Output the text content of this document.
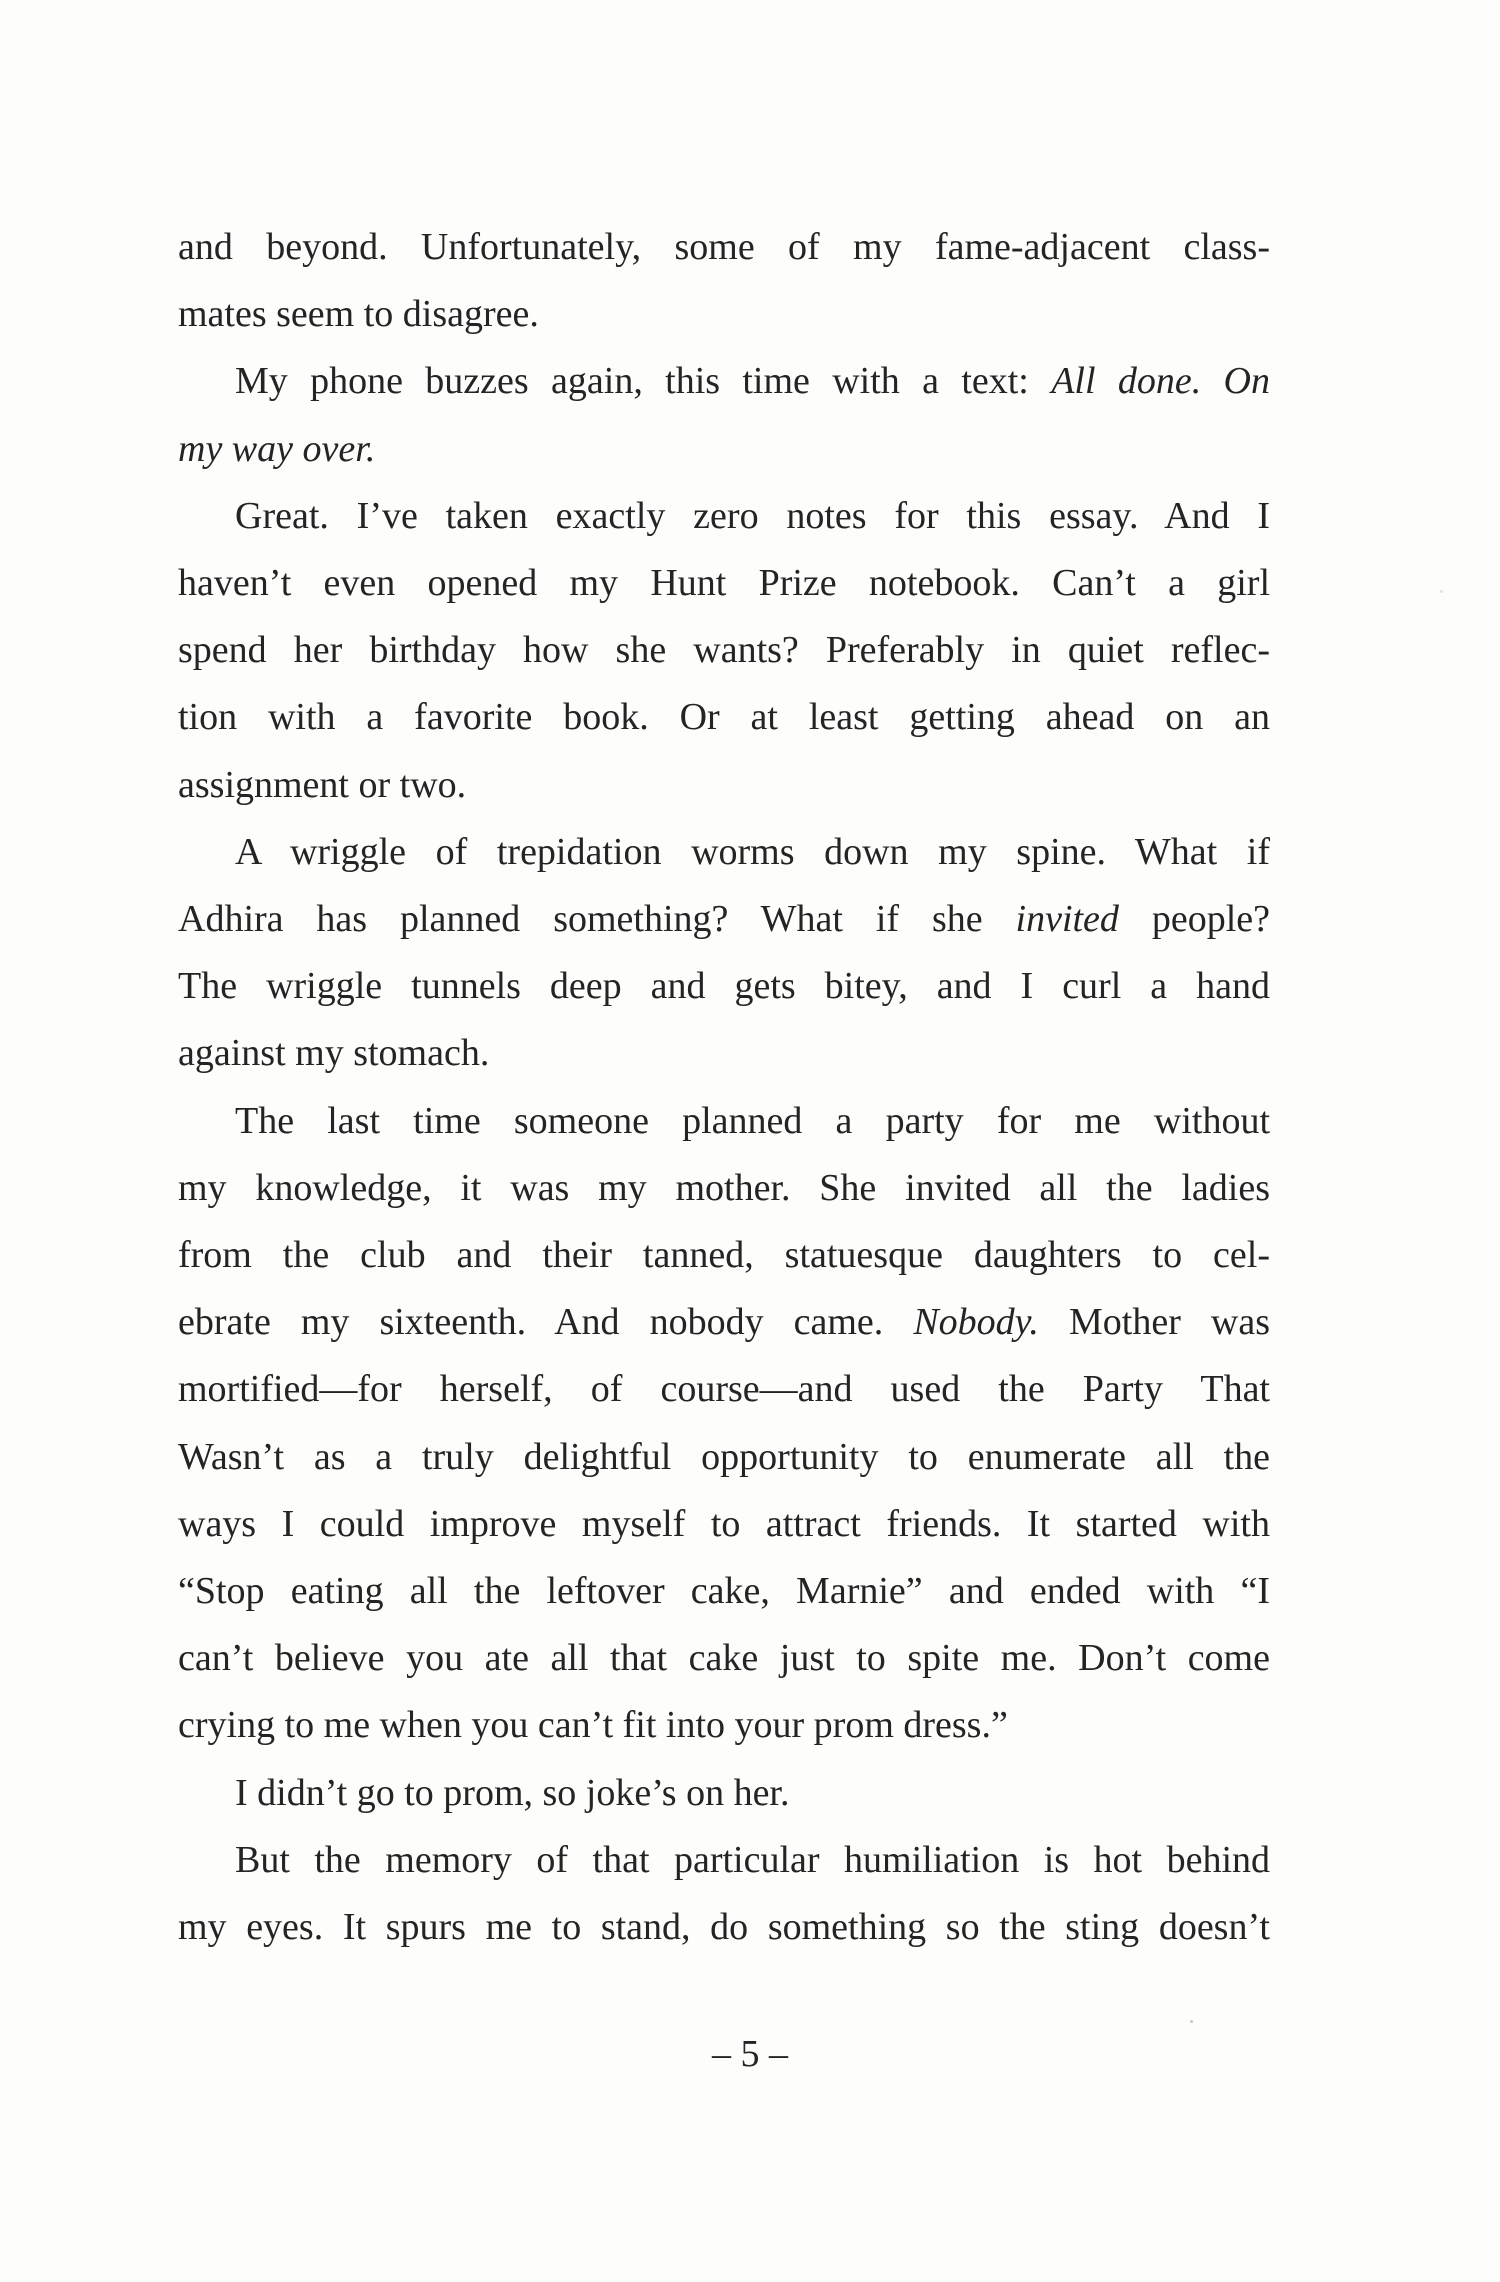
and beyond. Unfortunately, some of my fame-adjacent class-
mates seem to disagree.

My phone buzzes again, this time with a text: All done. On
my way over.

Great. I’ve taken exactly zero notes for this essay. And I
haven’t even opened my Hunt Prize notebook. Can’t a girl
spend her birthday how she wants? Preferably in quiet reflec-
tion with a favorite book. Or at least getting ahead on an
assignment or two.

A wriggle of trepidation worms down my spine. What if
Adhira has planned something? What if she invited people?
The wriggle tunnels deep and gets bitey, and I curl a hand
against my stomach.

The last time someone planned a party for me without
my knowledge, it was my mother. She invited all the ladies
from the club and their tanned, statuesque daughters to cel-
ebrate my sixteenth. And nobody came. Nobody. Mother was
mortified—for herself, of course—and used the Party That
Wasn’t as a truly delightful opportunity to enumerate all the
ways I could improve myself to attract friends. It started with
“Stop eating all the leftover cake, Marnie” and ended with “I
can’t believe you ate all that cake just to spite me. Don’t come
crying to me when you can’t fit into your prom dress.”

I didn’t go to prom, so joke’s on her.

But the memory of that particular humiliation is hot behind
my eyes. It spurs me to stand, do something so the sting doesn’t

– 5 –
